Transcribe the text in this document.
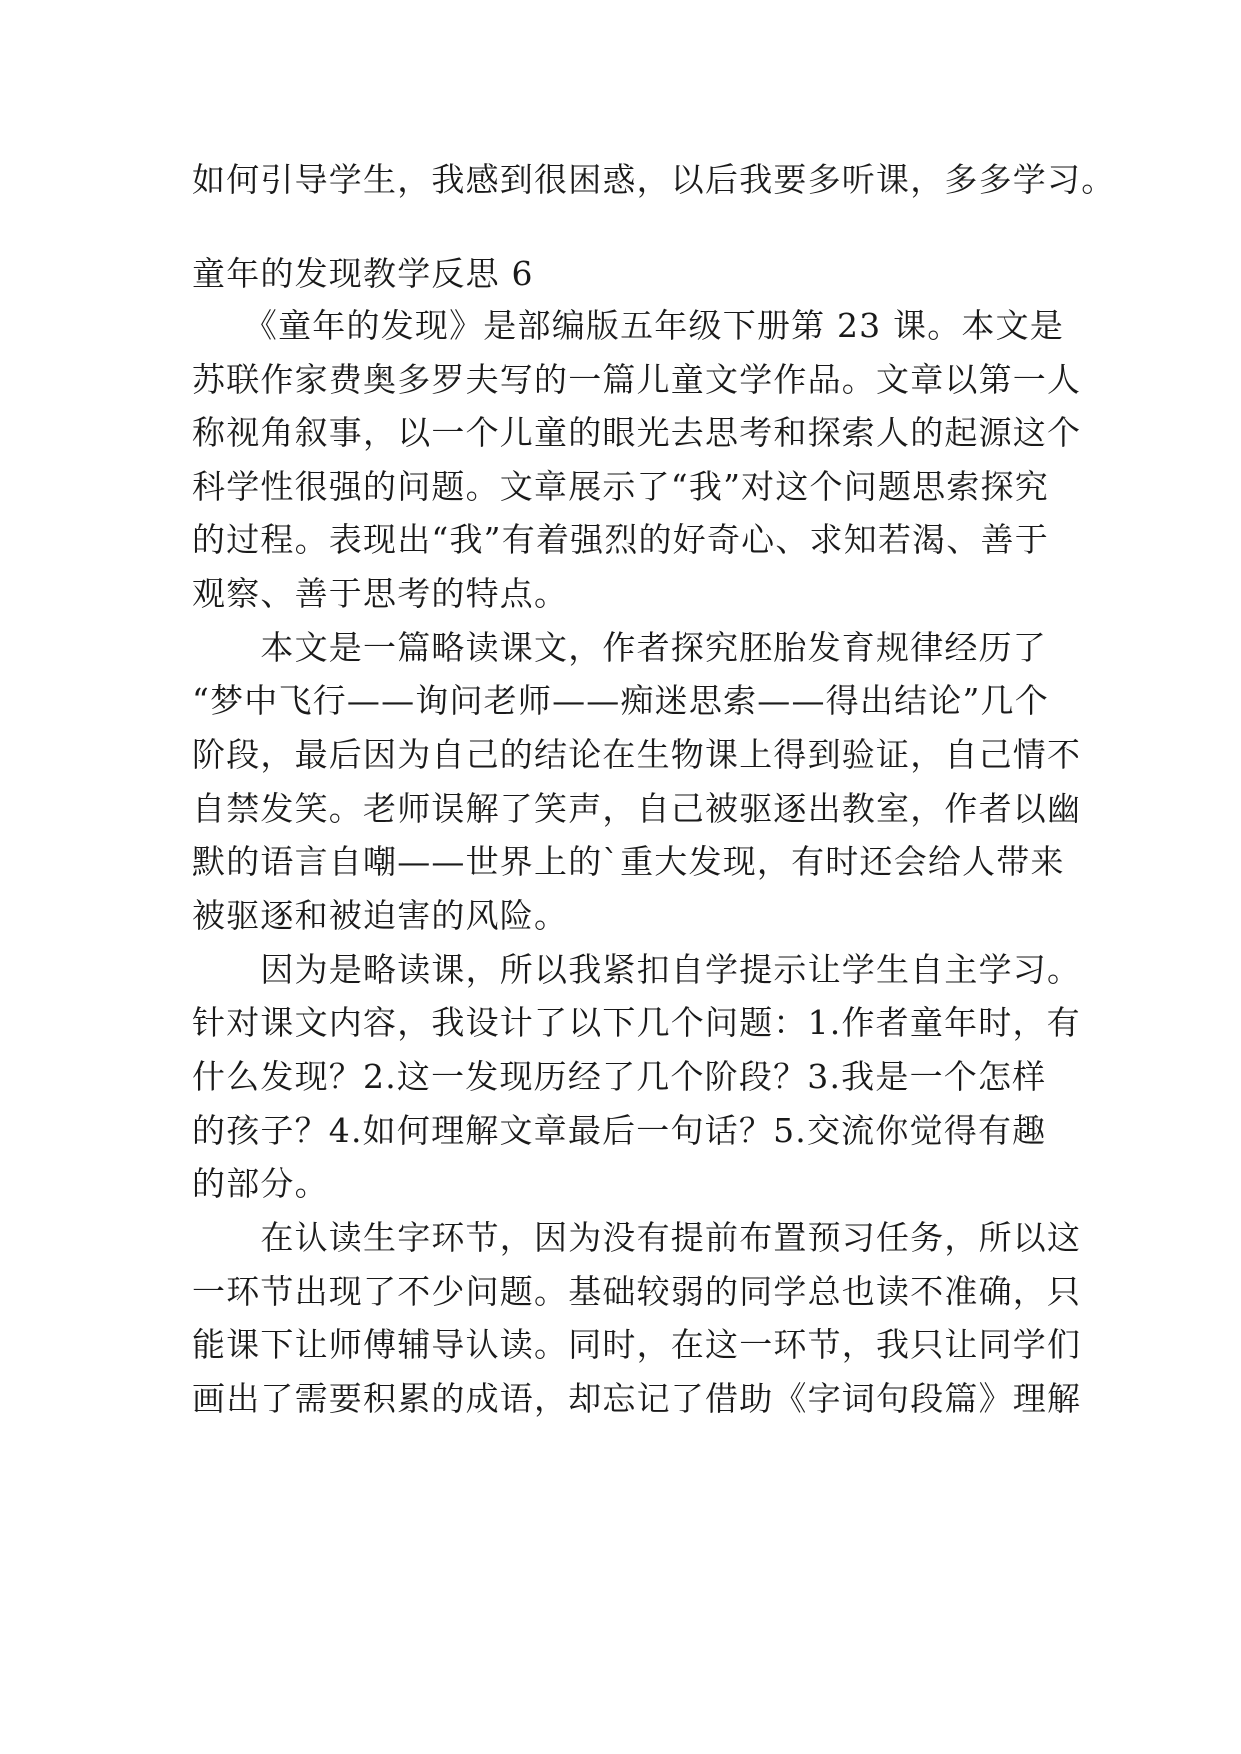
如何引导学生，我感到很困惑，以后我要多听课，多多学习。
童年的发现教学反思 6
　　《童年的发现》是部编版五年级下册第 23 课。本文是
苏联作家费奥多罗夫写的一篇儿童文学作品。文章以第一人
称视角叙事，以一个儿童的眼光去思考和探索人的起源这个
科学性很强的问题。文章展示了“我”对这个问题思索探究
的过程。表现出“我”有着强烈的好奇心、求知若渴、善于
观察、善于思考的特点。
　　本文是一篇略读课文，作者探究胚胎发育规律经历了
“梦中飞行——询问老师——痴迷思索——得出结论”几个
阶段，最后因为自己的结论在生物课上得到验证，自己情不
自禁发笑。老师误解了笑声，自己被驱逐出教室，作者以幽
默的语言自嘲——世界上的`重大发现，有时还会给人带来
被驱逐和被迫害的风险。
　　因为是略读课，所以我紧扣自学提示让学生自主学习。
针对课文内容，我设计了以下几个问题：1.作者童年时，有
什么发现？2.这一发现历经了几个阶段？3.我是一个怎样
的孩子？4.如何理解文章最后一句话？5.交流你觉得有趣
的部分。
　　在认读生字环节，因为没有提前布置预习任务，所以这
一环节出现了不少问题。基础较弱的同学总也读不准确，只
能课下让师傅辅导认读。同时，在这一环节，我只让同学们
画出了需要积累的成语，却忘记了借助《字词句段篇》理解
